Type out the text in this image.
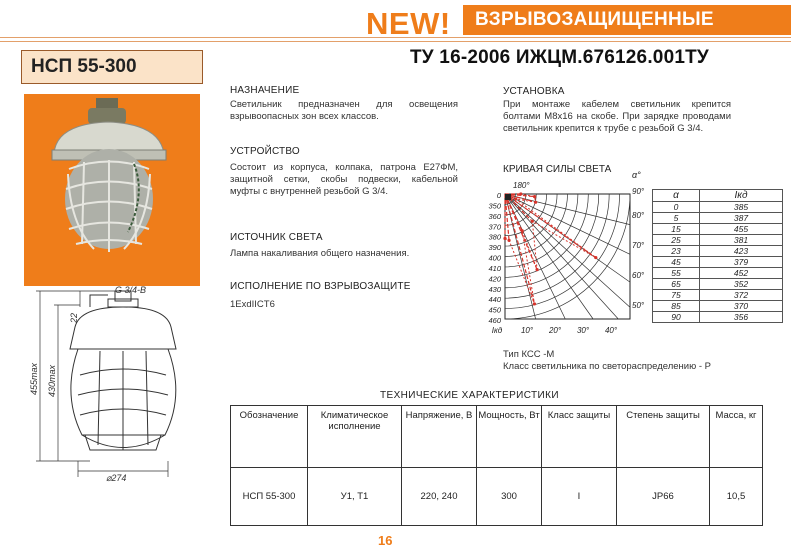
NEW! ВЗРЫВОЗАЩИЩЕННЫЕ
НСП 55-300	ТУ 16-2006 ИЖЦМ.676126.001ТУ
G 3/4-B
22
455max 430max
⌀274
НАЗНАЧЕНИЕ
Светильник предназначен для освещения взрывоопасных зон всех классов.
УСТРОЙСТВО
Состоит из корпуса, колпака, патрона Е27ФМ, защитной сетки, скобы подвески, кабельной муфты с внутренней резьбой G 3/4.
ИСТОЧНИК СВЕТА
Лампа накаливания общего назначения.
ИСПОЛНЕНИЕ ПО ВЗРЫВОЗАЩИТЕ
1ExdIICТ6
УСТАНОВКА
При монтаже кабелем светильник крепится болтами М8х16 на скобе. При зарядке проводами светильник крепится к трубе с резьбой G 3/4.
КРИВАЯ СИЛЫ СВЕТА
0
350
360
370
380
390
400
410
420
430
440
450
460
Iкд
180°
α°
90°
80°
70°
60°
50°
10° 20° 30° 40°
α	Iкд
0	385
5	387
15	455
25	381
23	423
45	379
55	452
65	352
75	372
85	370
90	356
Тип КСС -М
Класс светильника по светораспределению - Р
ТЕХНИЧЕСКИЕ ХАРАКТЕРИСТИКИ
Обозначение	Климатическое исполнение	Напряжение, В	Мощность, Вт	Класс защиты	Степень защиты	Масса, кг
НСП 55-300	У1, Т1	220, 240	300	I	JP66	10,5
16
